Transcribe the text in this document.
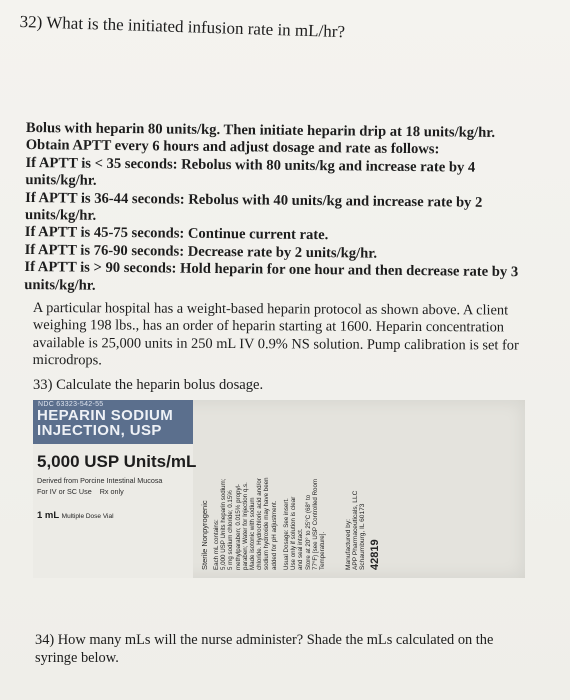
32) What is the initiated infusion rate in mL/hr?
Bolus with heparin 80 units/kg. Then initiate heparin drip at 18 units/kg/hr. Obtain APTT every 6 hours and adjust dosage and rate as follows:
If APTT is < 35 seconds: Rebolus with 80 units/kg and increase rate by 4 units/kg/hr.
If APTT is 36-44 seconds: Rebolus with 40 units/kg and increase rate by 2 units/kg/hr.
If APTT is 45-75 seconds: Continue current rate.
If APTT is 76-90 seconds: Decrease rate by 2 units/kg/hr.
If APTT is > 90 seconds: Hold heparin for one hour and then decrease rate by 3 units/kg/hr.
A particular hospital has a weight-based heparin protocol as shown above. A client weighing 198 lbs., has an order of heparin starting at 1600. Heparin concentration available is 25,000 units in 250 mL IV 0.9% NS solution. Pump calibration is set for microdrops.
33) Calculate the heparin bolus dosage.
NDC 63323-542-55
HEPARIN SODIUM
INJECTION, USP
5,000 USP Units/mL
Derived from Porcine Intestinal Mucosa
For IV or SC Use Rx only
1 mL Multiple Dose Vial	Sterile Nonpyrogenic Each mL contains:
5,000 USP Units heparin sodium;
5 mg sodium chloride; 0.15%
methylparaben; 0.015% propyl-
paraben; Water for Injection q.s.
Made isotonic with sodium
chloride. Hydrochloric acid and/or
sodium hydroxide may have been
added for pH adjustment.
Usual Dosage: See insert.
Use only if solution is clear
and seal intact.
Store at 20° to 25°C (68° to
77°F) [see USP Controlled Room
Temperature].	Manufactured by:
APP Pharmaceuticals, LLC
Schaumburg, IL 60173
42819
34) How many mLs will the nurse administer? Shade the mLs calculated on the syringe below.
